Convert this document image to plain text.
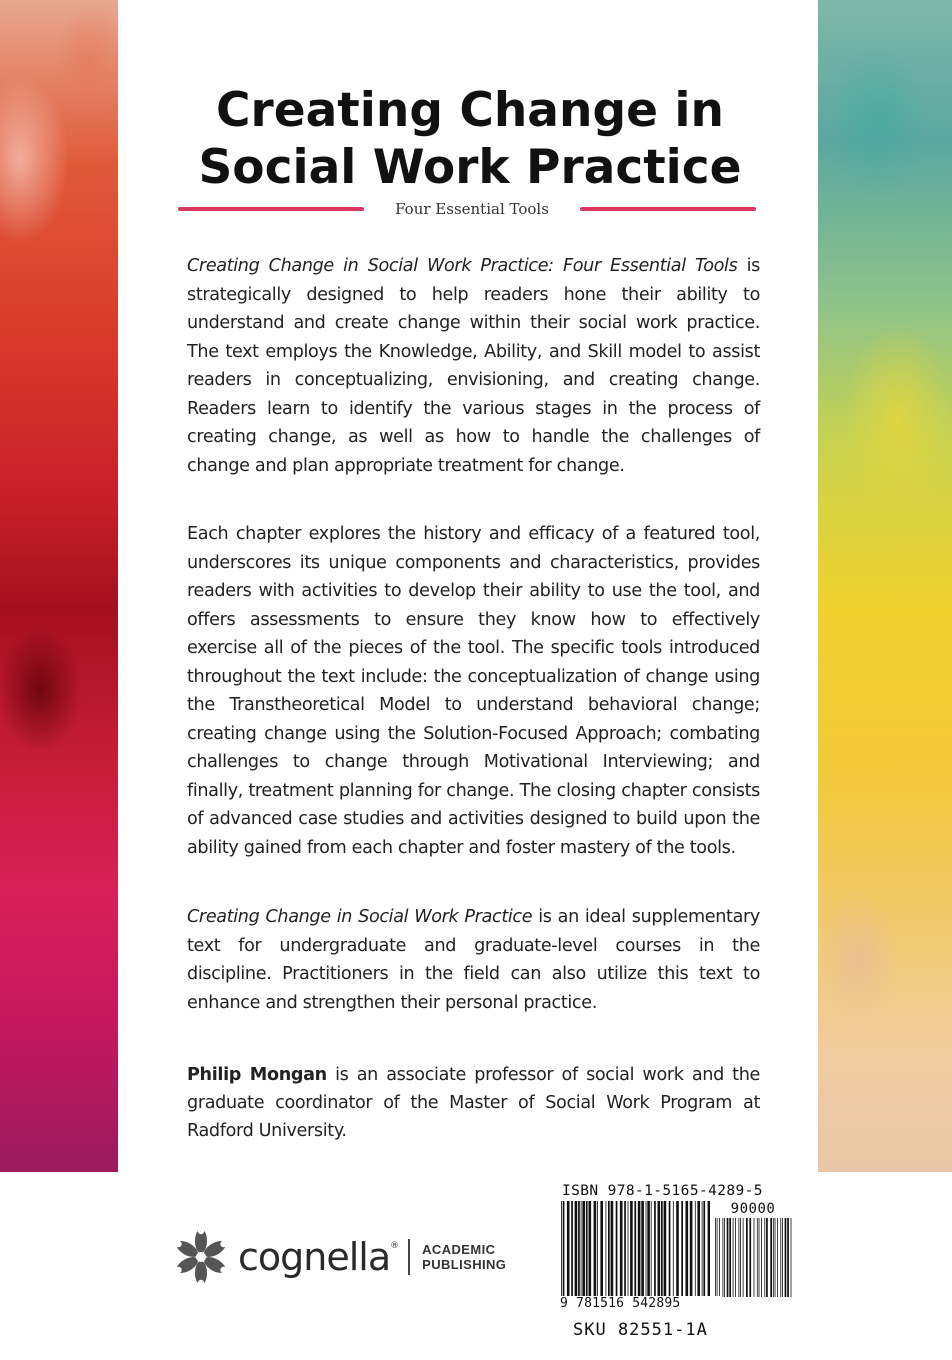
Creating Change in
Social Work Practice
Four Essential Tools

Creating Change in Social Work Practice: Four Essential Tools is strategically designed to help readers hone their ability to understand and create change within their social work practice. The text employs the Knowledge, Ability, and Skill model to assist readers in conceptualizing, envisioning, and creating change. Readers learn to identify the various stages in the process of creating change, as well as how to handle the challenges of change and plan appropriate treatment for change.

Each chapter explores the history and efficacy of a featured tool, underscores its unique components and characteristics, provides readers with activities to develop their ability to use the tool, and offers assessments to ensure they know how to effectively exercise all of the pieces of the tool. The specific tools introduced throughout the text include: the conceptualization of change using the Transtheoretical Model to understand behavioral change; creating change using the Solution-Focused Approach; combating challenges to change through Motivational Interviewing; and finally, treatment planning for change. The closing chapter consists of advanced case studies and activities designed to build upon the ability gained from each chapter and foster mastery of the tools.

Creating Change in Social Work Practice is an ideal supplementary text for undergraduate and graduate-level courses in the discipline. Practitioners in the field can also utilize this text to enhance and strengthen their personal practice.

Philip Mongan is an associate professor of social work and the graduate coordinator of the Master of Social Work Program at Radford University.

cognella® ACADEMIC
PUBLISHING
ISBN 978-1-5165-4289-5
90000
9 781516 542895
SKU 82551-1A
